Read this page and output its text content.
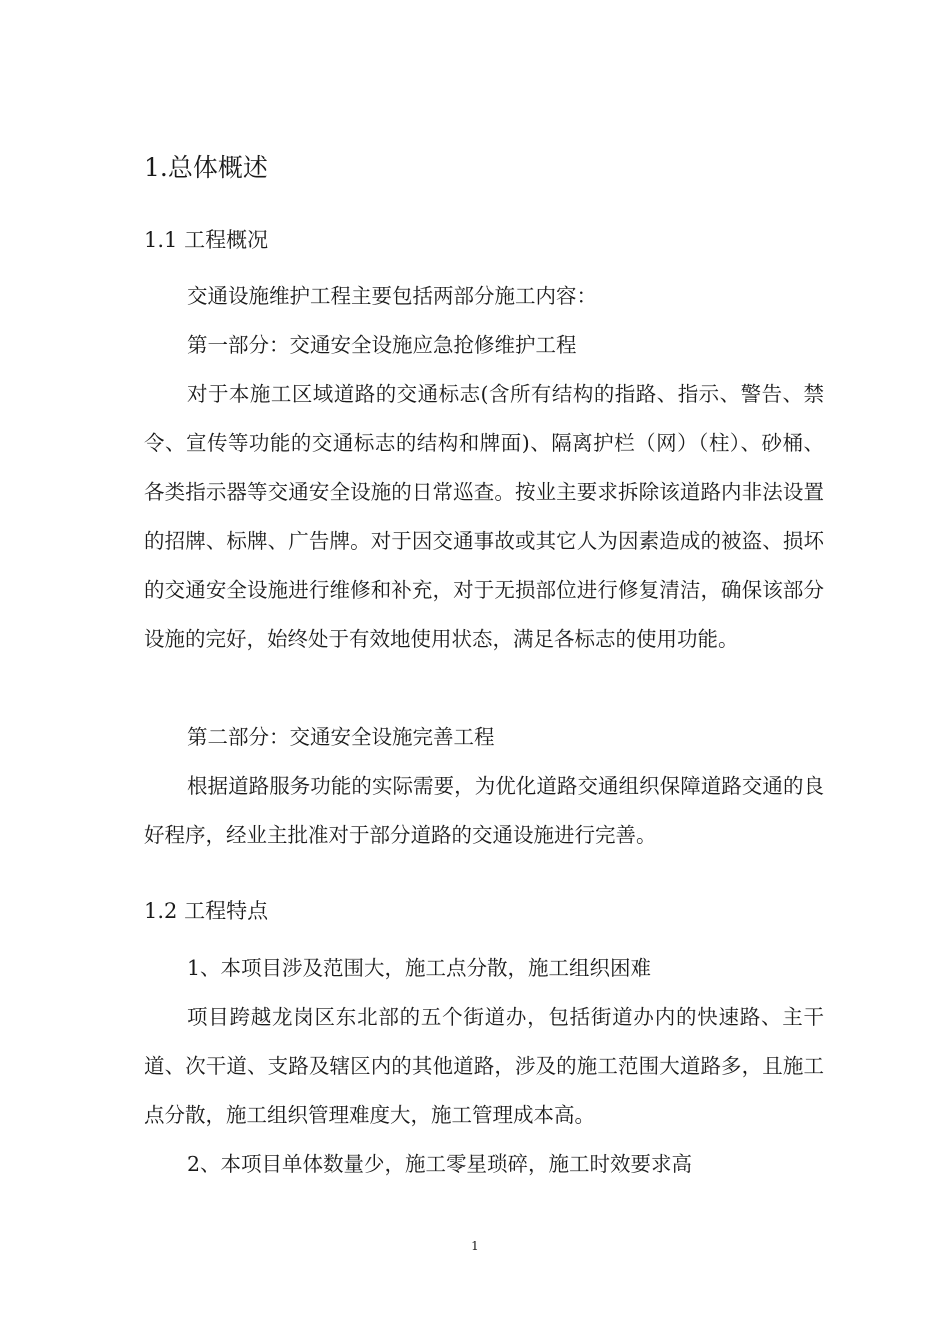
1.总体概述
1.1 工程概况
交通设施维护工程主要包括两部分施工内容：
第一部分：交通安全设施应急抢修维护工程
对于本施工区域道路的交通标志(含所有结构的指路、指示、警告、禁令、宣传等功能的交通标志的结构和牌面)、隔离护栏（网）（柱）、砂桶、各类指示器等交通安全设施的日常巡查。按业主要求拆除该道路内非法设置的招牌、标牌、广告牌。对于因交通事故或其它人为因素造成的被盗、损坏的交通安全设施进行维修和补充，对于无损部位进行修复清洁，确保该部分设施的完好，始终处于有效地使用状态，满足各标志的使用功能。
第二部分：交通安全设施完善工程
根据道路服务功能的实际需要，为优化道路交通组织保障道路交通的良好程序，经业主批准对于部分道路的交通设施进行完善。
1.2 工程特点
1、本项目涉及范围大，施工点分散，施工组织困难
项目跨越龙岗区东北部的五个街道办，包括街道办内的快速路、主干道、次干道、支路及辖区内的其他道路，涉及的施工范围大道路多，且施工点分散，施工组织管理难度大，施工管理成本高。
2、本项目单体数量少，施工零星琐碎，施工时效要求高
1
